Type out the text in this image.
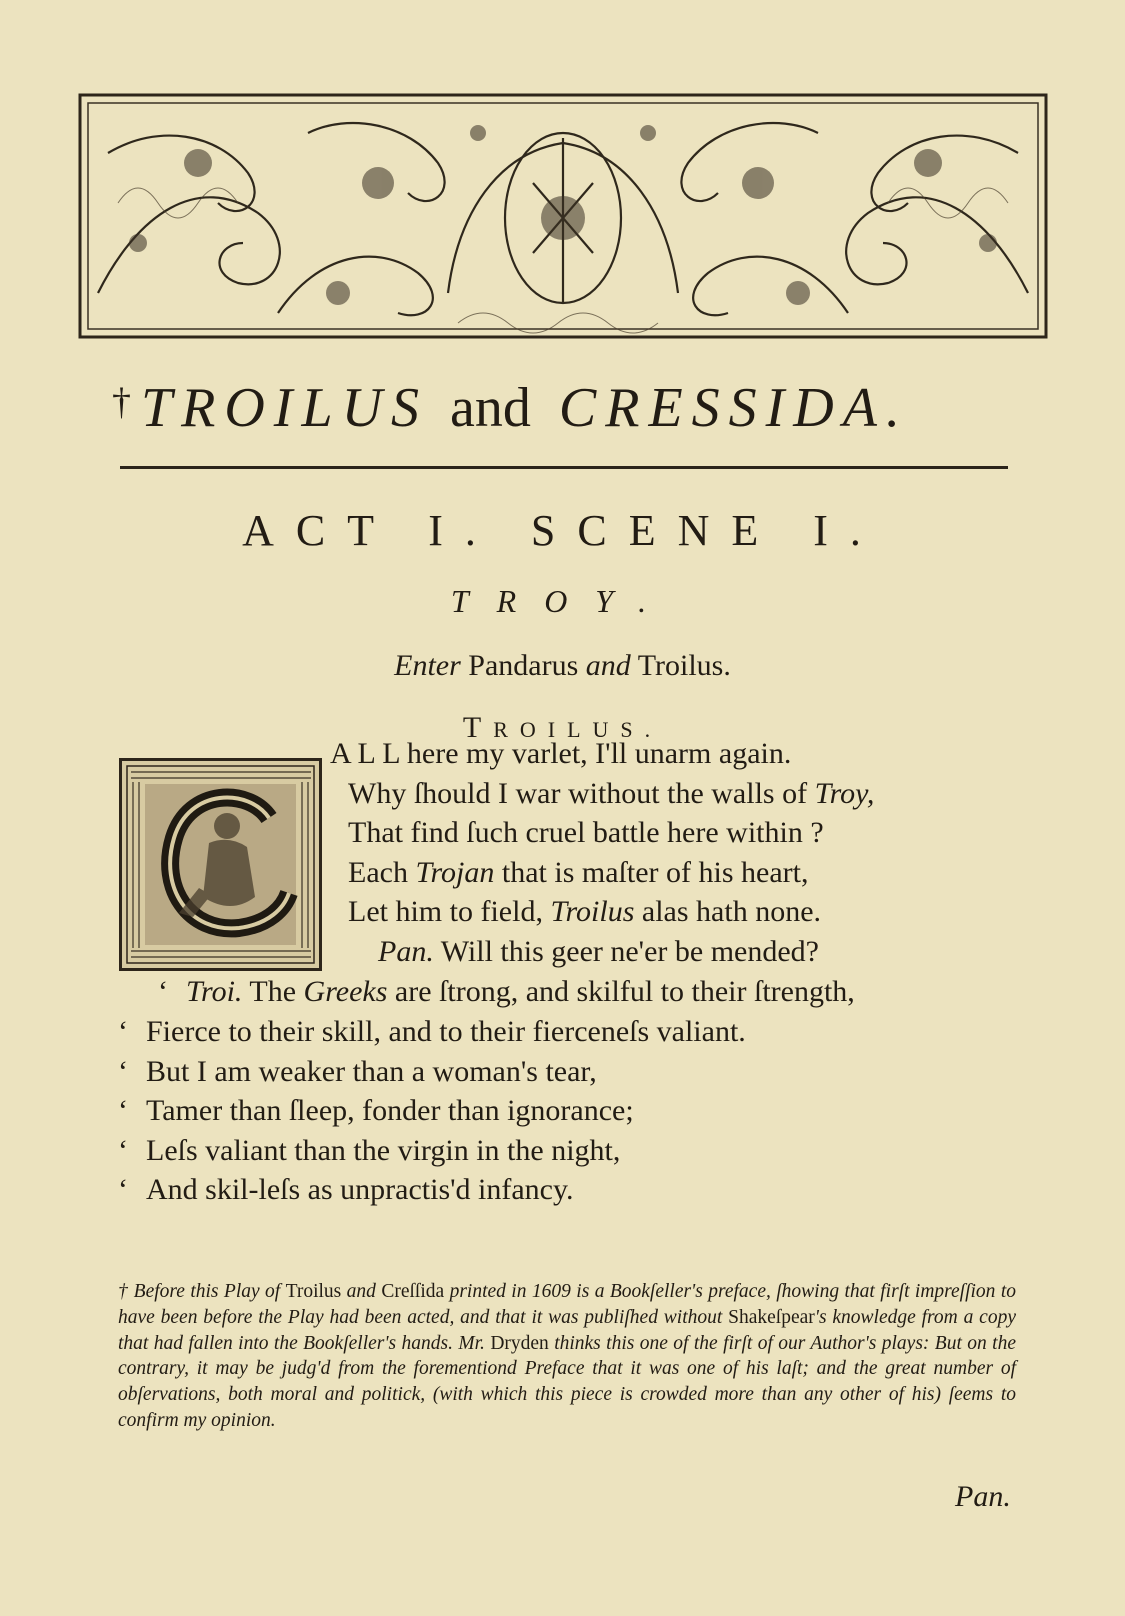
† TROILUS and CRESSIDA.
ACT I. SCENE I.
TROY.
Enter Pandarus and Troilus.
TROILUS.
A L L here my varlet, I'll unarm again.
Why ſhould I war without the walls of Troy,
That find ſuch cruel battle here within ?
Each Trojan that is maſter of his heart,
Let him to field, Troilus alas hath none.
Pan. Will this geer ne'er be mended?
‘ Troi. The Greeks are ſtrong, and skilful to their ſtrength,
‘ Fierce to their skill, and to their fierceneſs valiant.
‘ But I am weaker than a woman's tear,
‘ Tamer than ſleep, fonder than ignorance;
‘ Leſs valiant than the virgin in the night,
‘ And skil-leſs as unpractis'd infancy.
† Before this Play of Troilus and Creſſida printed in 1609 is a Bookſeller's preface, ſhowing that firſt impreſſion to have been before the Play had been acted, and that it was publiſhed without Shakeſpear's knowledge from a copy that had fallen into the Bookſeller's hands. Mr. Dryden thinks this one of the firſt of our Author's plays: But on the contrary, it may be judg'd from the forementiond Preface that it was one of his laſt; and the great number of obſervations, both moral and politick, (with which this piece is crowded more than any other of his) ſeems to confirm my opinion.
Pan.
